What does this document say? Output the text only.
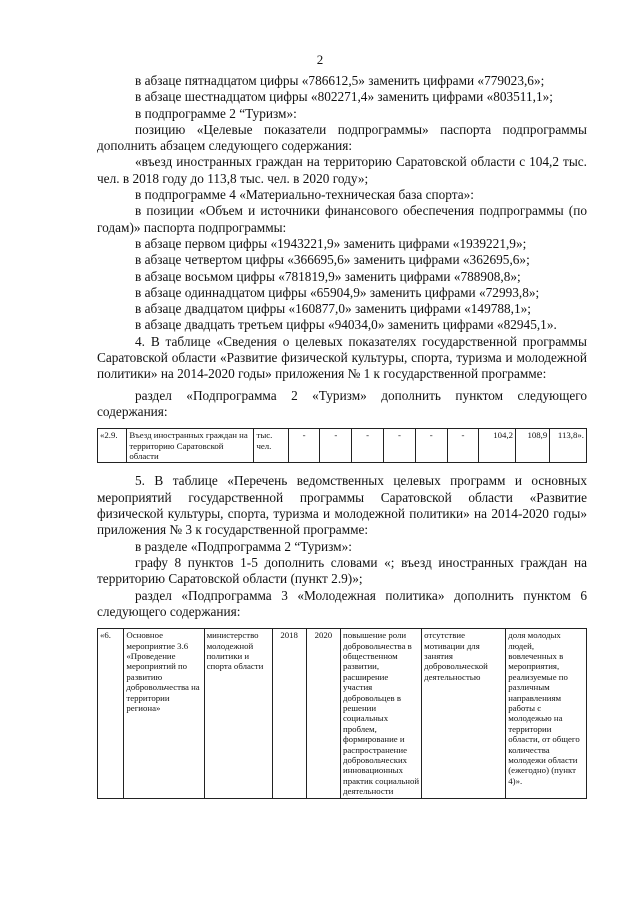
2

в абзаце пятнадцатом цифры «786612,5» заменить цифрами «779023,6»;

в абзаце шестнадцатом цифры «802271,4» заменить цифрами «803511,1»;

в подпрограмме 2 “Туризм»:

позицию «Целевые показатели подпрограммы» паспорта подпрограммы дополнить абзацем следующего содержания:

«въезд иностранных граждан на территорию Саратовской области с 104,2 тыс. чел. в 2018 году до 113,8 тыс. чел. в 2020 году»;

в подпрограмме 4 «Материально-техническая база спорта»:

в позиции «Объем и источники финансового обеспечения подпрограммы (по годам)» паспорта подпрограммы:

в абзаце первом цифры «1943221,9» заменить цифрами «1939221,9»;

в абзаце четвертом цифры «366695,6» заменить цифрами «362695,6»;

в абзаце восьмом цифры «781819,9» заменить цифрами «788908,8»;

в абзаце одиннадцатом цифры «65904,9» заменить цифрами «72993,8»;

в абзаце двадцатом цифры «160877,0» заменить цифрами «149788,1»;

в абзаце двадцать третьем цифры «94034,0» заменить цифрами «82945,1».

4. В таблице «Сведения о целевых показателях государственной программы Саратовской области «Развитие физической культуры, спорта, туризма и молодежной политики» на 2014-2020 годы» приложения № 1 к государственной программе:

раздел «Подпрограмма 2 «Туризм» дополнить пунктом следующего содержания:

«2.9.	Въезд иностранных граждан на территорию Саратовской области	тыс. чел.	-	-	-	-	-	-	104,2	108,9	113,8».

5. В таблице «Перечень ведомственных целевых программ и основных мероприятий государственной программы Саратовской области «Развитие физической культуры, спорта, туризма и молодежной политики» на 2014-2020 годы» приложения № 3 к государственной программе:

в разделе «Подпрограмма 2 “Туризм»:

графу 8 пунктов 1-5 дополнить словами «; въезд иностранных граждан на территорию Саратовской области (пункт 2.9)»;

раздел «Подпрограмма 3 «Молодежная политика» дополнить пунктом 6 следующего содержания:

«6.	Основное мероприятие 3.6 «Проведение мероприятий по развитию добровольчества на территории региона»	министерство молодежной политики и спорта области	2018	2020	повышение роли добровольчества в общественном развитии, расширение участия добровольцев в решении социальных проблем, формирование и распространение добровольческих инновационных практик социальной деятельности	отсутствие мотивации для занятия добровольческой деятельностью	доля молодых людей, вовлеченных в мероприятия, реализуемые по различным направлениям работы с молодежью на территории области, от общего количества молодежи области (ежегодно) (пункт 4)».
